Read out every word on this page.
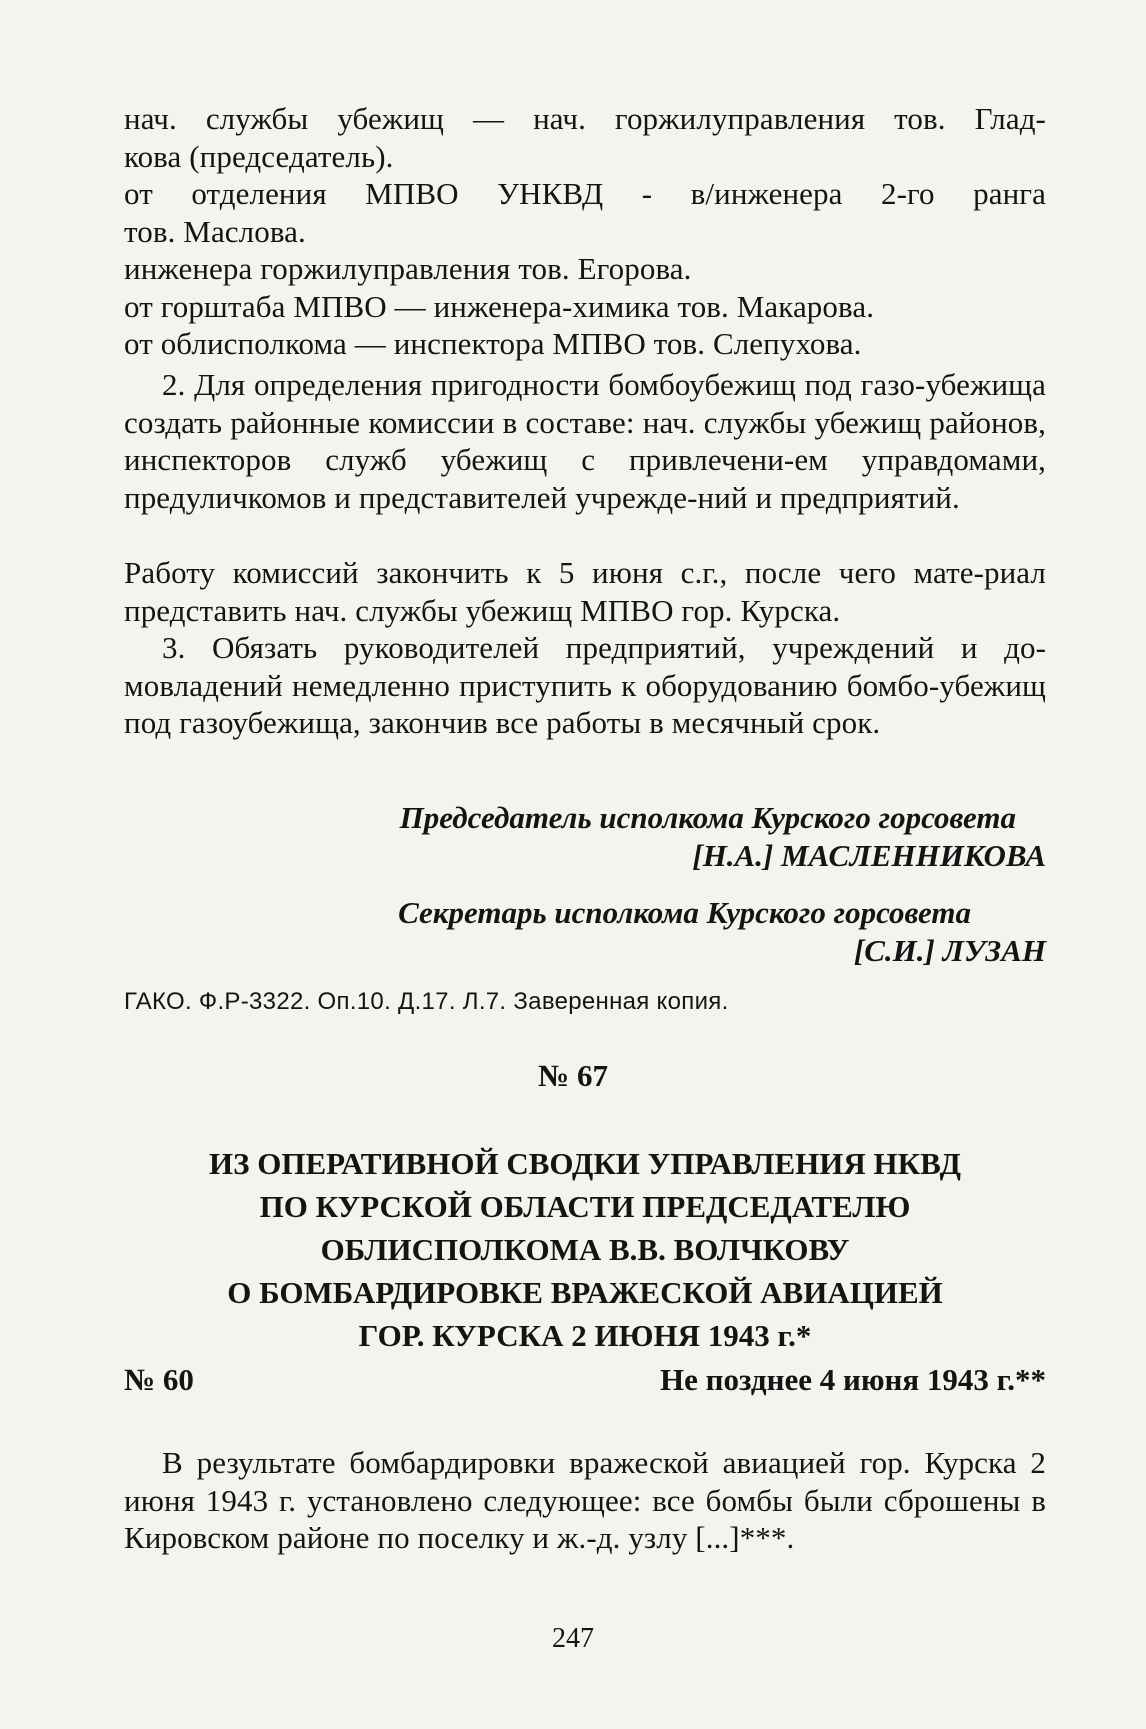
нач. службы убежищ — нач. горжилуправления тов. Глад-
кова (председатель).
от отделения МПВО УНКВД - в/инженера 2-го ранга
тов. Маслова.
инженера горжилуправления тов. Егорова.
от горштаба МПВО — инженера-химика тов. Макарова.
от облисполкома — инспектора МПВО тов. Слепухова.

2. Для определения пригодности бомбоубежищ под газо-убежища создать районные комиссии в составе: нач. службы убежищ районов, инспекторов служб убежищ с привлечени-ем управдомами, предуличкомов и представителей учрежде-ний и предприятий.

Работу комиссий закончить к 5 июня с.г., после чего мате-риал представить нач. службы убежищ МПВО гор. Курска.

3. Обязать руководителей предприятий, учреждений и до-мовладений немедленно приступить к оборудованию бомбо-убежищ под газоубежища, закончив все работы в месячный срок.

Председатель исполкома Курского горсовета

[Н.А.] МАСЛЕННИКОВА

Секретарь исполкома Курского горсовета

[С.И.] ЛУЗАН

ГАКО. Ф.Р-3322. Оп.10. Д.17. Л.7. Заверенная копия.

№ 67

ИЗ ОПЕРАТИВНОЙ СВОДКИ УПРАВЛЕНИЯ НКВД
ПО КУРСКОЙ ОБЛАСТИ ПРЕДСЕДАТЕЛЮ
ОБЛИСПОЛКОМА В.В. ВОЛЧКОВУ
О БОМБАРДИРОВКЕ ВРАЖЕСКОЙ АВИАЦИЕЙ
ГОР. КУРСКА 2 ИЮНЯ 1943 г.*
№ 60	Не позднее 4 июня 1943 г.**

В результате бомбардировки вражеской авиацией гор. Курска 2 июня 1943 г. установлено следующее: все бомбы были сброшены в Кировском районе по поселку и ж.-д. узлу [...]***.

247
